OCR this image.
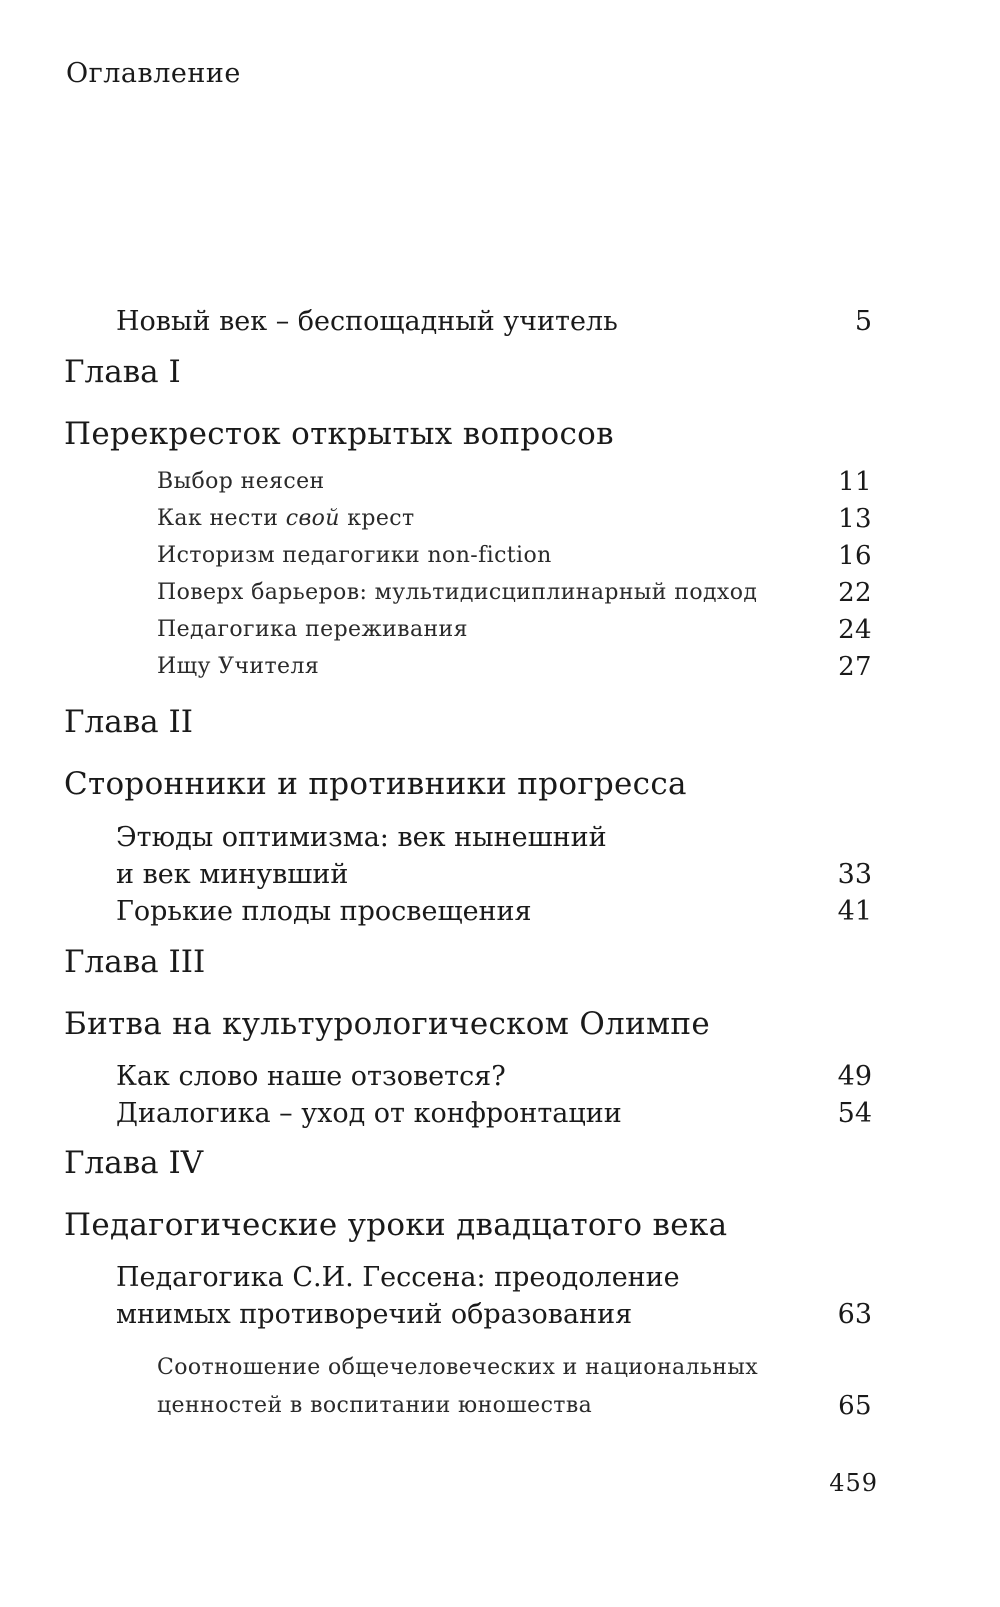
Оглавление
Новый век – беспощадный учитель	5
Глава I
Перекресток открытых вопросов
Выбор неясен	11
Как нести свой крест	13
Историзм педагогики non-fiction	16
Поверх барьеров: мультидисциплинарный подход	22
Педагогика переживания	24
Ищу Учителя	27
Глава II
Сторонники и противники прогресса
Этюды оптимизма: век нынешний
и век минувший	33
Горькие плоды просвещения	41
Глава III
Битва на культурологическом Олимпе
Как слово наше отзовется?	49
Диалогика – уход от конфронтации	54
Глава IV
Педагогические уроки двадцатого века
Педагогика С.И. Гессена: преодоление
мнимых противоречий образования	63
Соотношение общечеловеческих и национальных
ценностей в воспитании юношества	65
459
